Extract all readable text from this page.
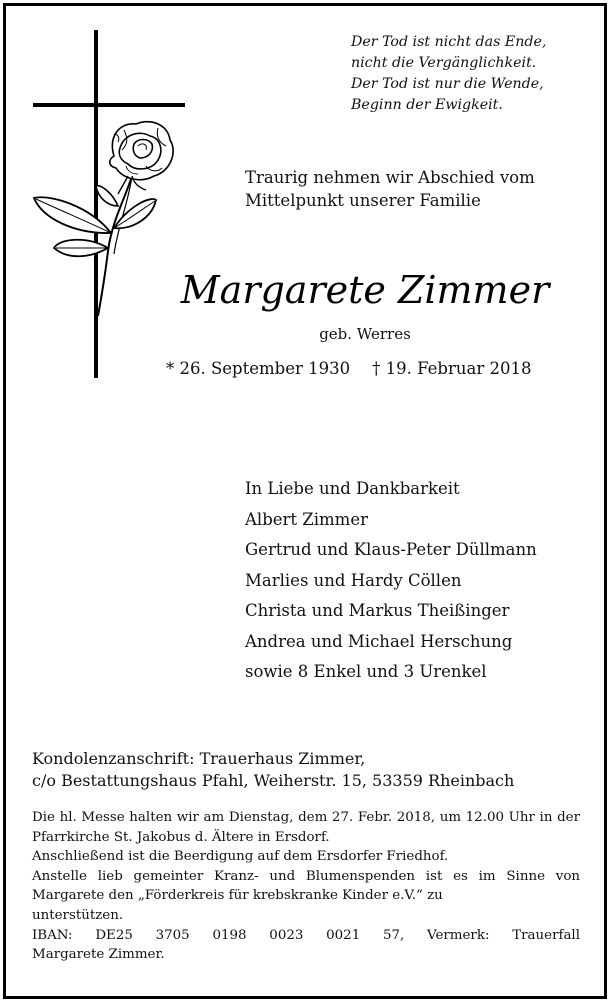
Der Tod ist nicht das Ende,
nicht die Vergänglichkeit.
Der Tod ist nur die Wende,
Beginn der Ewigkeit.
Traurig nehmen wir Abschied vom
Mittelpunkt unserer Familie
Margarete Zimmer
geb. Werres
* 26. September 1930 † 19. Februar 2018
In Liebe und Dankbarkeit
Albert Zimmer
Gertrud und Klaus-Peter Düllmann
Marlies und Hardy Cöllen
Christa und Markus Theißinger
Andrea und Michael Herschung
sowie 8 Enkel und 3 Urenkel
Kondolenzanschrift: Trauerhaus Zimmer,
c/o Bestattungshaus Pfahl, Weiherstr. 15, 53359 Rheinbach

Die hl. Messe halten wir am Dienstag, dem 27. Febr. 2018, um 12.00 Uhr in der Pfarrkirche St. Jakobus d. Ältere in Ersdorf.

Anschließend ist die Beerdigung auf dem Ersdorfer Friedhof.

Anstelle lieb gemeinter Kranz- und Blumenspenden ist es im Sinne von Margarete den „Förderkreis für krebskranke Kinder e.V.“ zu

unterstützen.

IBAN: DE25 3705 0198 0023 0021 57, Vermerk: Trauerfall

Margarete Zimmer.
